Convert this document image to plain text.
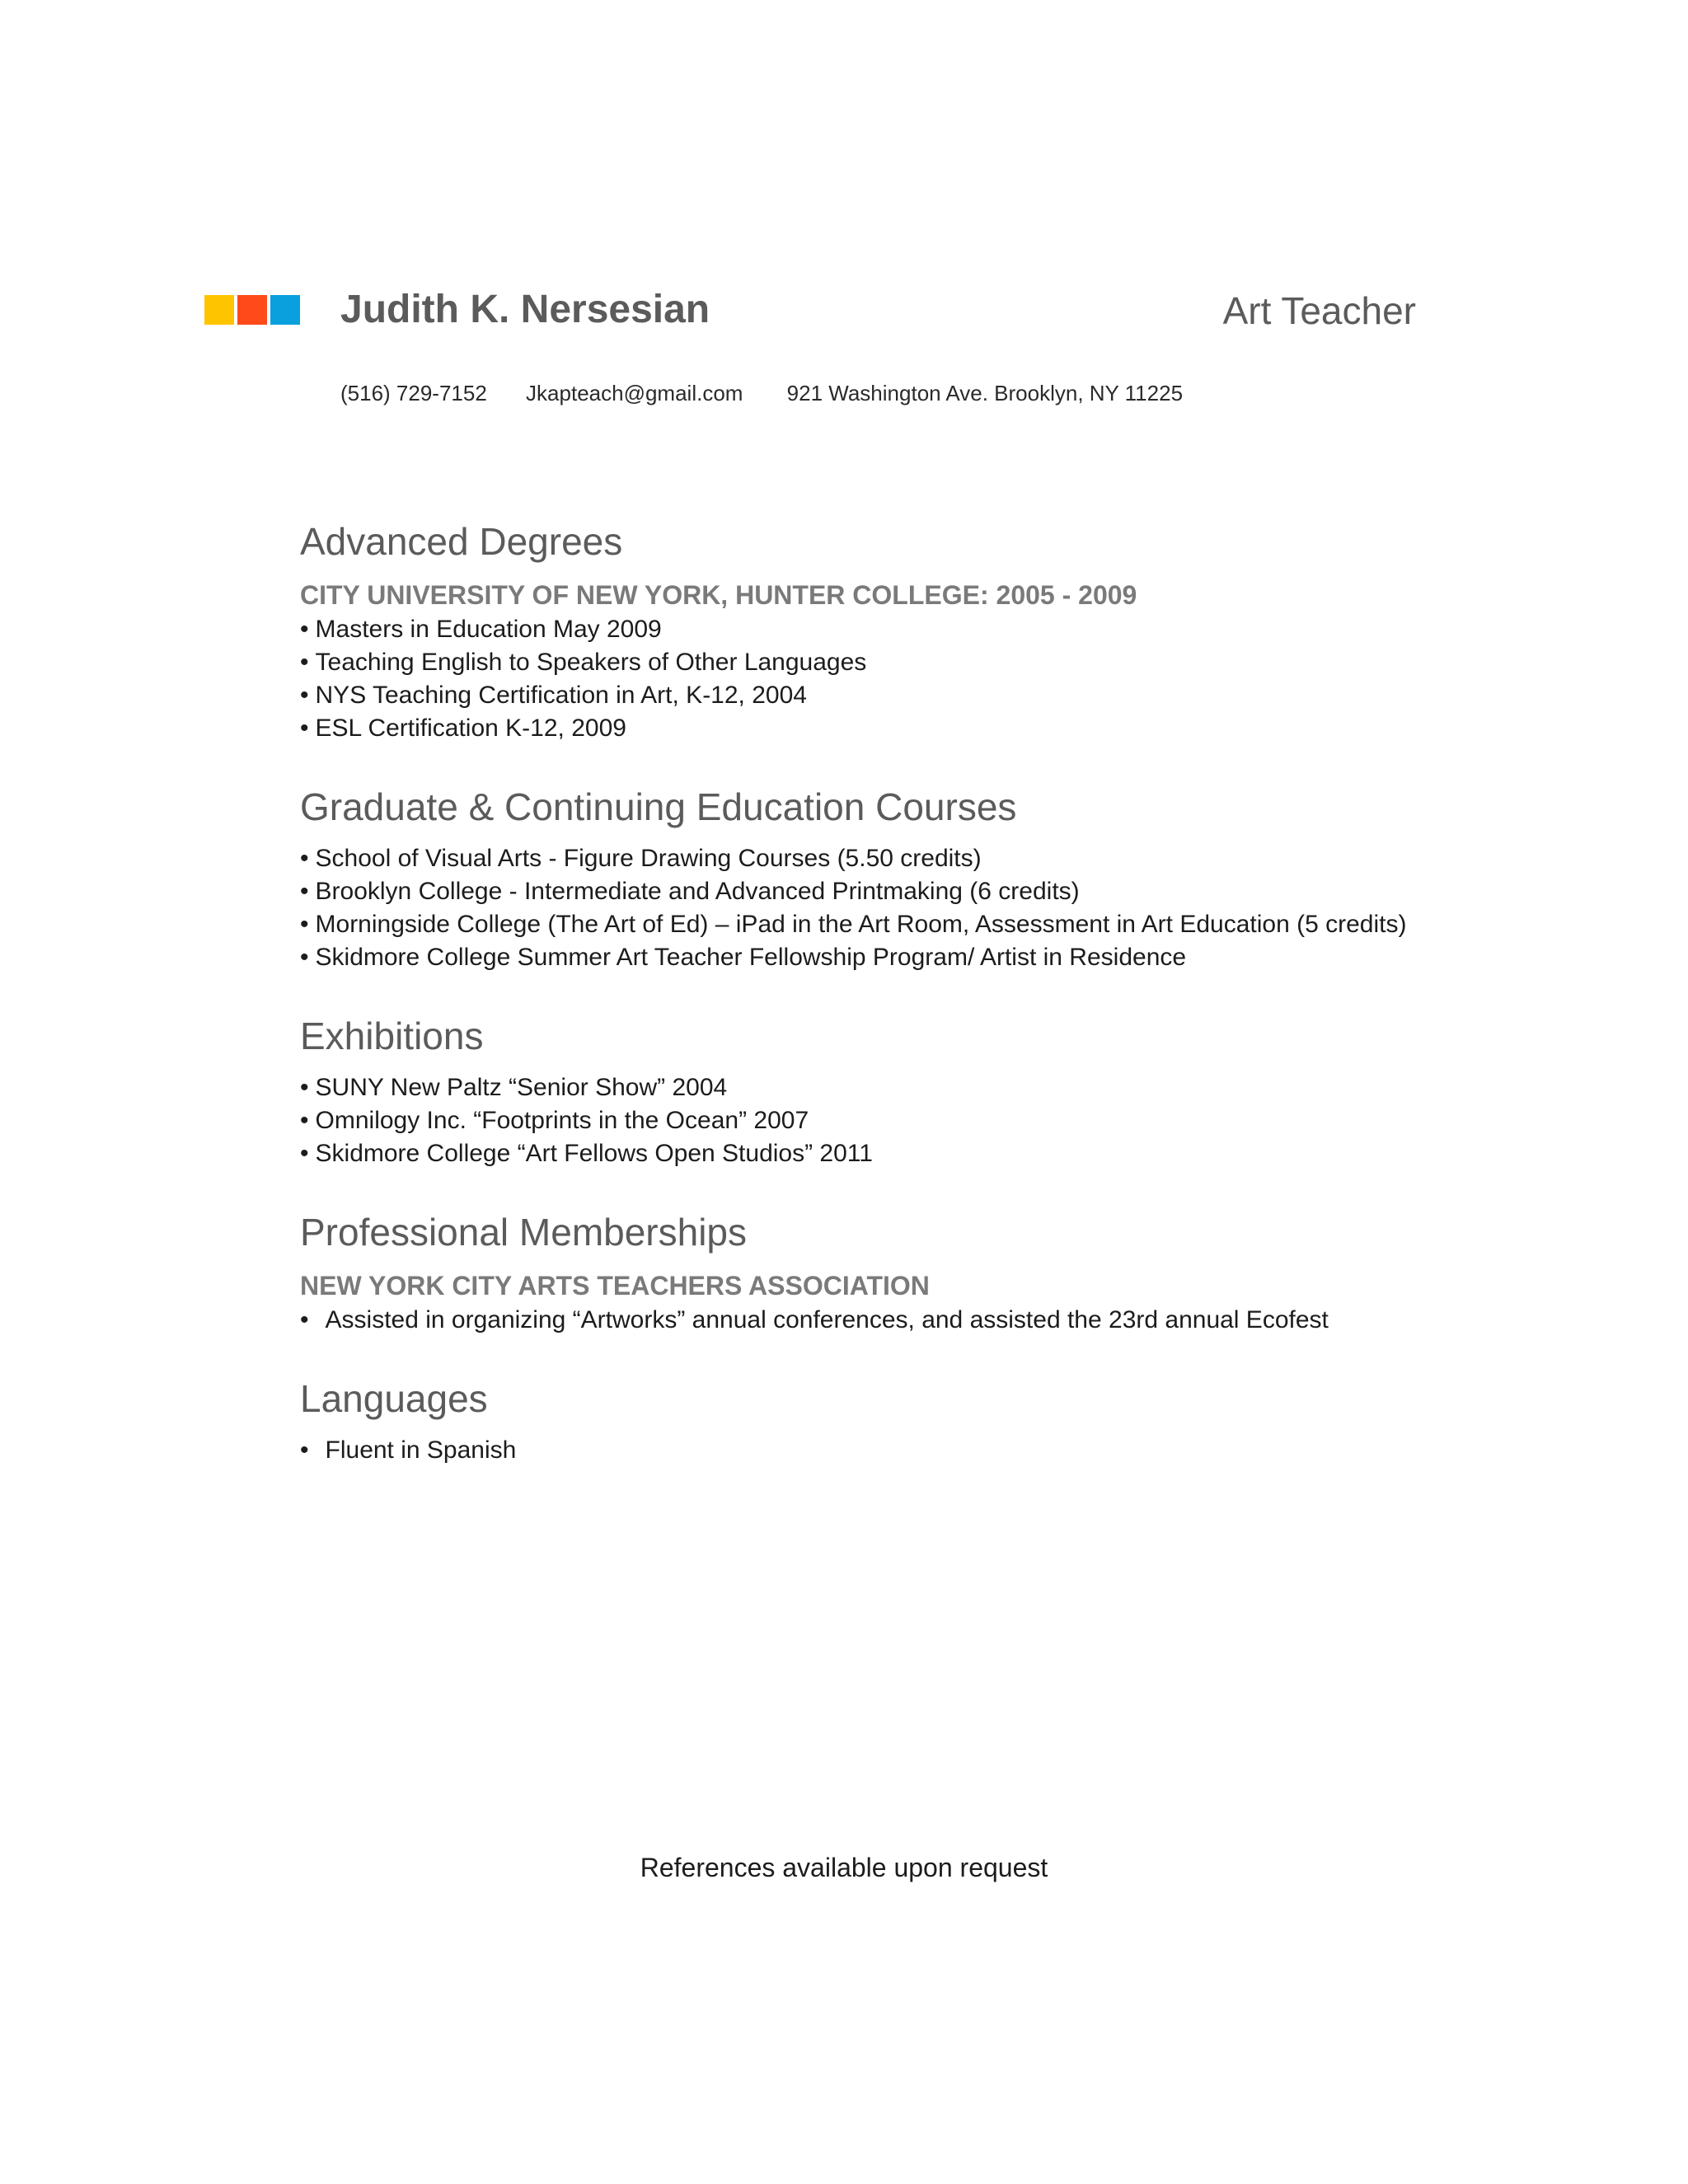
Judith K. Nersesian	Art Teacher
(516) 729-7152 Jkapteach@gmail.com 921 Washington Ave. Brooklyn, NY 11225
Advanced Degrees
CITY UNIVERSITY OF NEW YORK, HUNTER COLLEGE: 2005 - 2009
• Masters in Education May 2009
• Teaching English to Speakers of Other Languages
• NYS Teaching Certification in Art, K-12, 2004
• ESL Certification K-12, 2009
Graduate & Continuing Education Courses
• School of Visual Arts - Figure Drawing Courses (5.50 credits)
• Brooklyn College - Intermediate and Advanced Printmaking (6 credits)
• Morningside College (The Art of Ed) – iPad in the Art Room, Assessment in Art Education (5 credits)
• Skidmore College Summer Art Teacher Fellowship Program/ Artist in Residence
Exhibitions
• SUNY New Paltz “Senior Show” 2004
• Omnilogy Inc. “Footprints in the Ocean” 2007
• Skidmore College “Art Fellows Open Studios” 2011
Professional Memberships
NEW YORK CITY ARTS TEACHERS ASSOCIATION
• Assisted in organizing “Artworks” annual conferences, and assisted the 23rd annual Ecofest
Languages
• Fluent in Spanish
References available upon request
